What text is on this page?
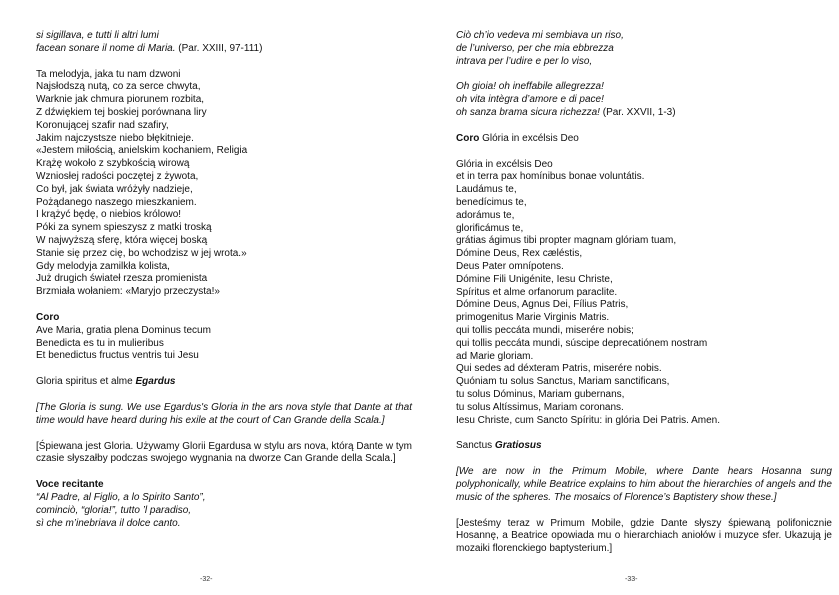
si sigillava, e tutti li altri lumi
facean sonare il nome di Maria. (Par. XXIII, 97-111)
Ta melodyja, jaka tu nam dzwoni
Najsłodszą nutą, co za serce chwyta,
Warknie jak chmura piorunem rozbita,
Z dźwiękiem tej boskiej porównana liry
Koronującej szafir nad szafiry,
Jakim najczystsze niebo błękitnieje.
«Jestem miłością, anielskim kochaniem, Religia
Krążę wokoło z szybkością wirową
Wzniosłej radości poczętej z żywota,
Co był, jak świata wróżyły nadzieje,
Pożądanego naszego mieszkaniem.
I krążyć będę, o niebios królowo!
Póki za synem spieszysz z matki troską
W najwyższą sferę, która więcej boską
Stanie się przez cię, bo wchodzisz w jej wrota.»
Gdy melodyja zamilkła kolista,
Już drugich świateł rzesza promienista
Brzmiała wołaniem: «Maryjo przeczysta!»
Coro
Ave Maria, gratia plena Dominus tecum
Benedicta es tu in mulieribus
Et benedictus fructus ventris tui Jesu
Gloria spiritus et alme Egardus
[The Gloria is sung. We use Egardus's Gloria in the ars nova style that Dante at that time would have heard during his exile at the court of Can Grande della Scala.]
[Śpiewana jest Gloria. Używamy Glorii Egardusa w stylu ars nova, którą Dante w tym czasie słyszałby podczas swojego wygnania na dworze Can Grande della Scala.]
Voce recitante
“Al Padre, al Figlio, a lo Spirito Santo”,
cominciò, “gloria!”, tutto ’l paradiso,
sì che m’inebriava il dolce canto.
-32-
Ciò ch’io vedeva mi sembiava un riso,
de l’universo, per che mia ebbrezza
intrava per l’udire e per lo viso,
Oh gioia! oh ineffabile allegrezza!
oh vita intègra d’amore e di pace!
oh sanza brama sicura richezza! (Par. XXVII, 1-3)
Coro Glória in excélsis Deo
Glória in excélsis Deo
et in terra pax homínibus bonae voluntátis.
Laudámus te,
benedícimus te,
adorámus te,
glorificámus te,
grátias ágimus tibi propter magnam glóriam tuam,
Dómine Deus, Rex cæléstis,
Deus Pater omnípotens.
Dómine Fili Unigénite, Iesu Christe,
Spíritus et alme orfanorum paraclite.
Dómine Deus, Agnus Dei, Fílius Patris,
primogenitus Marie Virginis Matris.
qui tollis peccáta mundi, miserére nobis;
qui tollis peccáta mundi, súscipe deprecatiónem nostram
ad Marie gloriam.
Qui sedes ad déxteram Patris, miserére nobis.
Quóniam tu solus Sanctus, Mariam sanctificans,
tu solus Dóminus, Mariam gubernans,
tu solus Altíssimus, Mariam coronans.
Iesu Christe, cum Sancto Spíritu: in glória Dei Patris. Amen.
Sanctus Gratiosus
[We are now in the Primum Mobile, where Dante hears Hosanna sung polyphonically, while Beatrice explains to him about the hierarchies of angels and the music of the spheres. The mosaics of Florence’s Baptistery show these.]
[Jesteśmy teraz w Primum Mobile, gdzie Dante słyszy śpiewaną polifonicznie Hosannę, a Beatrice opowiada mu o hierarchiach aniołów i muzyce sfer. Ukazują je mozaiki florenckiego baptysterium.]
-33-
